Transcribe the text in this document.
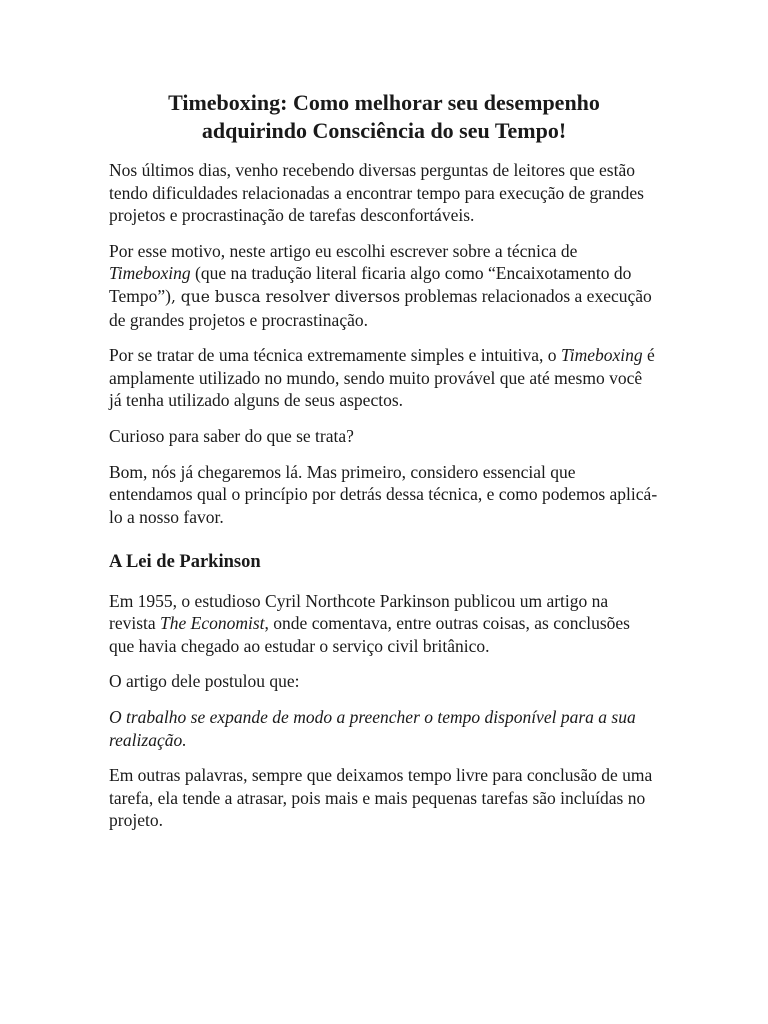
Timeboxing: Como melhorar seu desempenho
adquirindo Consciência do seu Tempo!

Nos últimos dias, venho recebendo diversas perguntas de leitores que estão tendo dificuldades relacionadas a encontrar tempo para execução de grandes projetos e procrastinação de tarefas desconfortáveis.

Por esse motivo, neste artigo eu escolhi escrever sobre a técnica de Timeboxing (que na tradução literal ficaria algo como “Encaixotamento do Tempo”), que busca resolver diversos problemas relacionados a execução de grandes projetos e procrastinação.

Por se tratar de uma técnica extremamente simples e intuitiva, o Timeboxing é amplamente utilizado no mundo, sendo muito provável que até mesmo você já tenha utilizado alguns de seus aspectos.

Curioso para saber do que se trata?

Bom, nós já chegaremos lá. Mas primeiro, considero essencial que entendamos qual o princípio por detrás dessa técnica, e como podemos aplicá-lo a nosso favor.

A Lei de Parkinson

Em 1955, o estudioso Cyril Northcote Parkinson publicou um artigo na revista The Economist, onde comentava, entre outras coisas, as conclusões que havia chegado ao estudar o serviço civil britânico.

O artigo dele postulou que:

O trabalho se expande de modo a preencher o tempo disponível para a sua realização.

Em outras palavras, sempre que deixamos tempo livre para conclusão de uma tarefa, ela tende a atrasar, pois mais e mais pequenas tarefas são incluídas no projeto.
